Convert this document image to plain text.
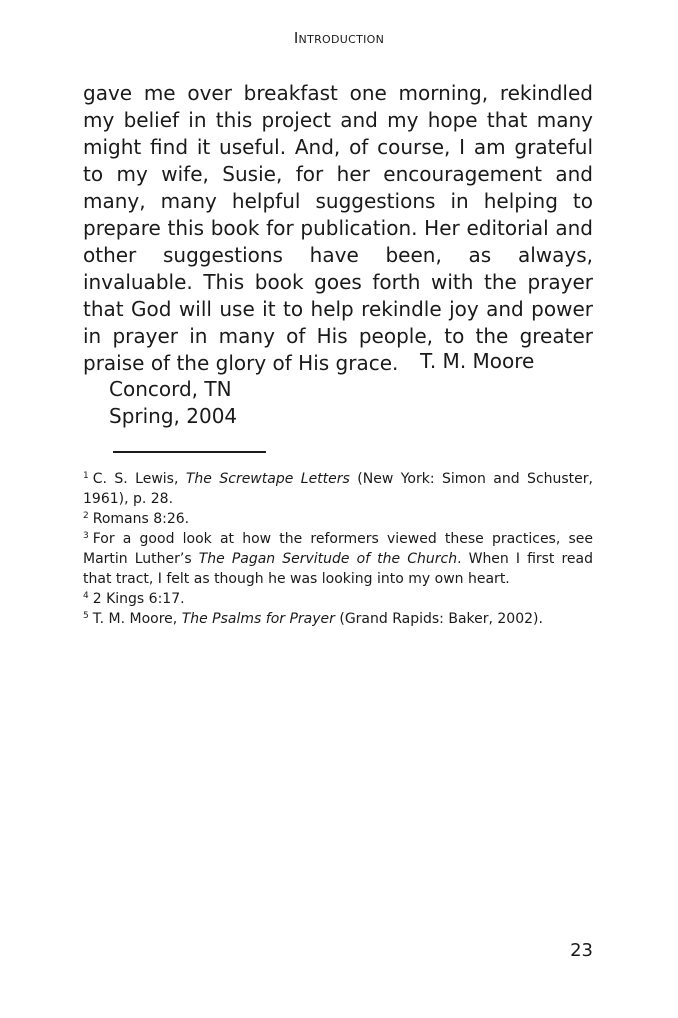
Introduction

gave me over breakfast one morning, rekindled my belief in this project and my hope that many might find it useful. And, of course, I am grateful to my wife, Susie, for her encouragement and many, many helpful suggestions in helping to prepare this book for publication. Her editorial and other suggestions have been, as always, invaluable. This book goes forth with the prayer that God will use it to help rekindle joy and power in prayer in many of His people, to the greater praise of the glory of His grace.	T. M. Moore
Concord, TN
Spring, 2004

$^1$ C. S. Lewis, The Screwtape Letters (New York: Simon and Schuster, 1961), p. 28.

$^2$ Romans 8:26.

$^3$ For a good look at how the reformers viewed these practices, see Martin Luther’s The Pagan Servitude of the Church. When I first read that tract, I felt as though he was looking into my own heart.

$^4$ 2 Kings 6:17.

$^5$ T. M. Moore, The Psalms for Prayer (Grand Rapids: Baker, 2002).

23
